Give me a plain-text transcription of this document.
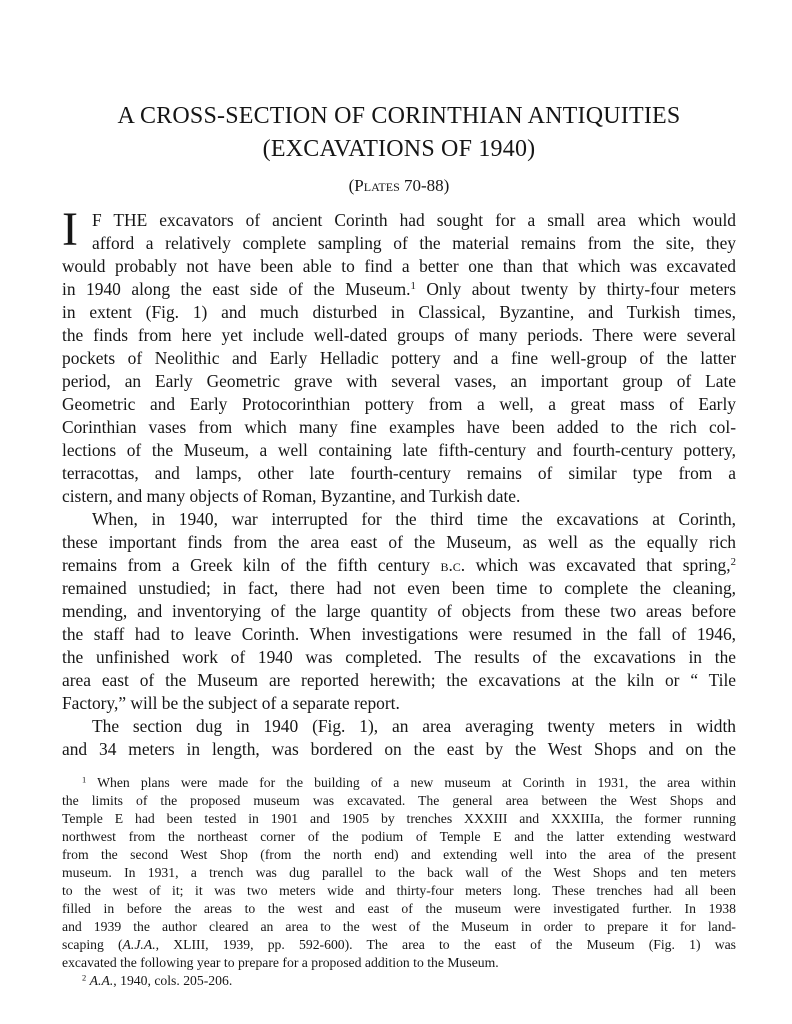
A CROSS-SECTION OF CORINTHIAN ANTIQUITIES
(EXCAVATIONS OF 1940)
(Plates 70-88)
I F THE excavators of ancient Corinth had sought for a small area which would
afford a relatively complete sampling of the material remains from the site, they
would probably not have been able to find a better one than that which was excavated
in 1940 along the east side of the Museum.$^1$ Only about twenty by thirty-four meters
in extent (Fig. 1) and much disturbed in Classical, Byzantine, and Turkish times,
the finds from here yet include well-dated groups of many periods. There were several
pockets of Neolithic and Early Helladic pottery and a fine well-group of the latter
period, an Early Geometric grave with several vases, an important group of Late
Geometric and Early Protocorinthian pottery from a well, a great mass of Early
Corinthian vases from which many fine examples have been added to the rich col-
lections of the Museum, a well containing late fifth-century and fourth-century pottery,
terracottas, and lamps, other late fourth-century remains of similar type from a
cistern, and many objects of Roman, Byzantine, and Turkish date.
When, in 1940, war interrupted for the third time the excavations at Corinth,
these important finds from the area east of the Museum, as well as the equally rich
remains from a Greek kiln of the fifth century b.c. which was excavated that spring,$^2$
remained unstudied; in fact, there had not even been time to complete the cleaning,
mending, and inventorying of the large quantity of objects from these two areas before
the staff had to leave Corinth. When investigations were resumed in the fall of 1946,
the unfinished work of 1940 was completed. The results of the excavations in the
area east of the Museum are reported herewith; the excavations at the kiln or “ Tile
Factory,” will be the subject of a separate report.
The section dug in 1940 (Fig. 1), an area averaging twenty meters in width
and 34 meters in length, was bordered on the east by the West Shops and on the
$^1$ When plans were made for the building of a new museum at Corinth in 1931, the area within
the limits of the proposed museum was excavated. The general area between the West Shops and
Temple E had been tested in 1901 and 1905 by trenches XXXIII and XXXIIIa, the former running
northwest from the northeast corner of the podium of Temple E and the latter extending westward
from the second West Shop (from the north end) and extending well into the area of the present
museum. In 1931, a trench was dug parallel to the back wall of the West Shops and ten meters
to the west of it; it was two meters wide and thirty-four meters long. These trenches had all been
filled in before the areas to the west and east of the museum were investigated further. In 1938
and 1939 the author cleared an area to the west of the Museum in order to prepare it for land-
scaping (A.J.A., XLIII, 1939, pp. 592-600). The area to the east of the Museum (Fig. 1) was
excavated the following year to prepare for a proposed addition to the Museum.
$^2$ A.A., 1940, cols. 205-206.
